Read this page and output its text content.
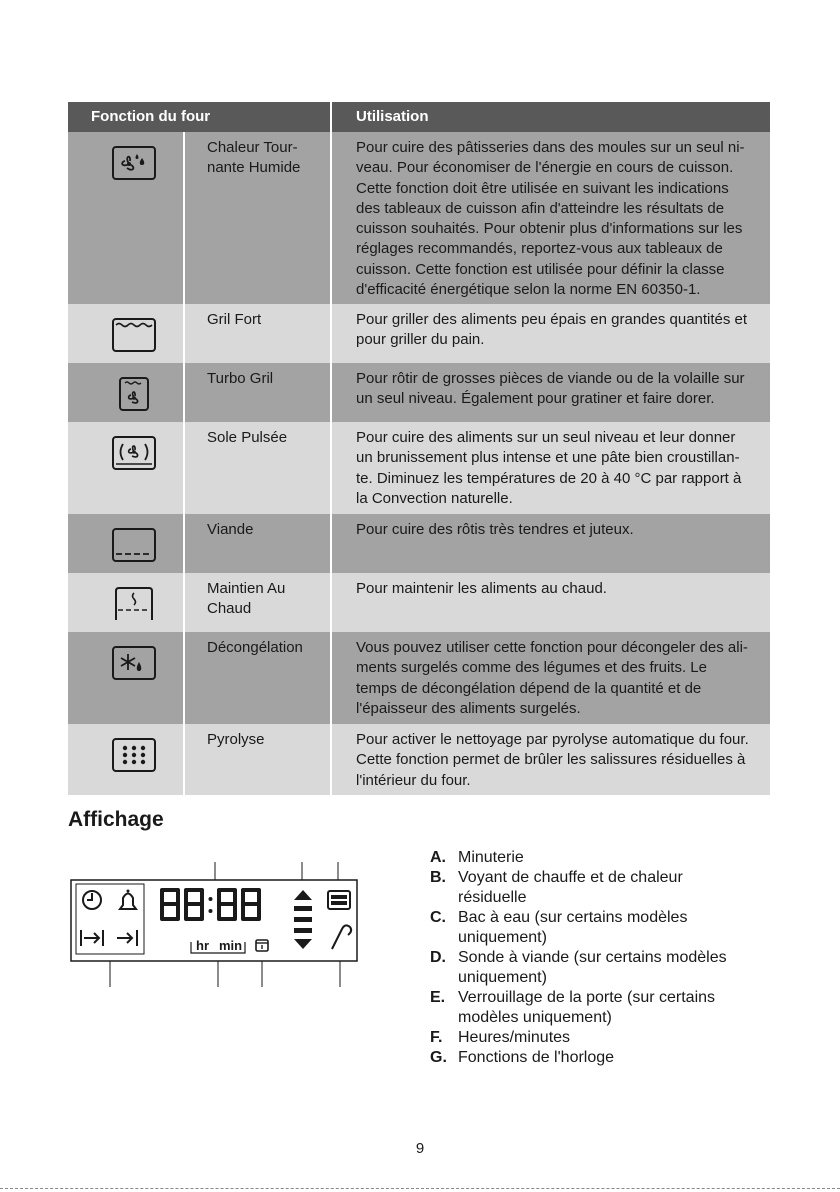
Fonction du four	Utilisation
Chaleur Tour-
nante Humide
Pour cuire des pâtisseries dans des moules sur un seul ni-
veau. Pour économiser de l'énergie en cours de cuisson.
Cette fonction doit être utilisée en suivant les indications
des tableaux de cuisson afin d'atteindre les résultats de
cuisson souhaités. Pour obtenir plus d'informations sur les
réglages recommandés, reportez-vous aux tableaux de
cuisson. Cette fonction est utilisée pour définir la classe
d'efficacité énergétique selon la norme EN 60350-1.
Gril Fort	Pour griller des aliments peu épais en grandes quantités et
pour griller du pain.
Turbo Gril	Pour rôtir de grosses pièces de viande ou de la volaille sur
un seul niveau. Également pour gratiner et faire dorer.
Sole Pulsée	Pour cuire des aliments sur un seul niveau et leur donner
un brunissement plus intense et une pâte bien croustillan-
te. Diminuez les températures de 20 à 40 °C par rapport à
la Convection naturelle.
Viande	Pour cuire des rôtis très tendres et juteux.
Maintien Au
Chaud
Pour maintenir les aliments au chaud.
Décongélation	Vous pouvez utiliser cette fonction pour décongeler des ali-
ments surgelés comme des légumes et des fruits. Le
temps de décongélation dépend de la quantité et de
l'épaisseur des aliments surgelés.
Pyrolyse	Pour activer le nettoyage par pyrolyse automatique du four.
Cette fonction permet de brûler les salissures résiduelles à
l'intérieur du four.
Affichage
hr min
A. Minuterie
B. Voyant de chauffe et de chaleur
résiduelle
C. Bac à eau (sur certains modèles
uniquement)
D. Sonde à viande (sur certains modèles
uniquement)
E. Verrouillage de la porte (sur certains
modèles uniquement)
F. Heures/minutes
G. Fonctions de l'horloge
9
